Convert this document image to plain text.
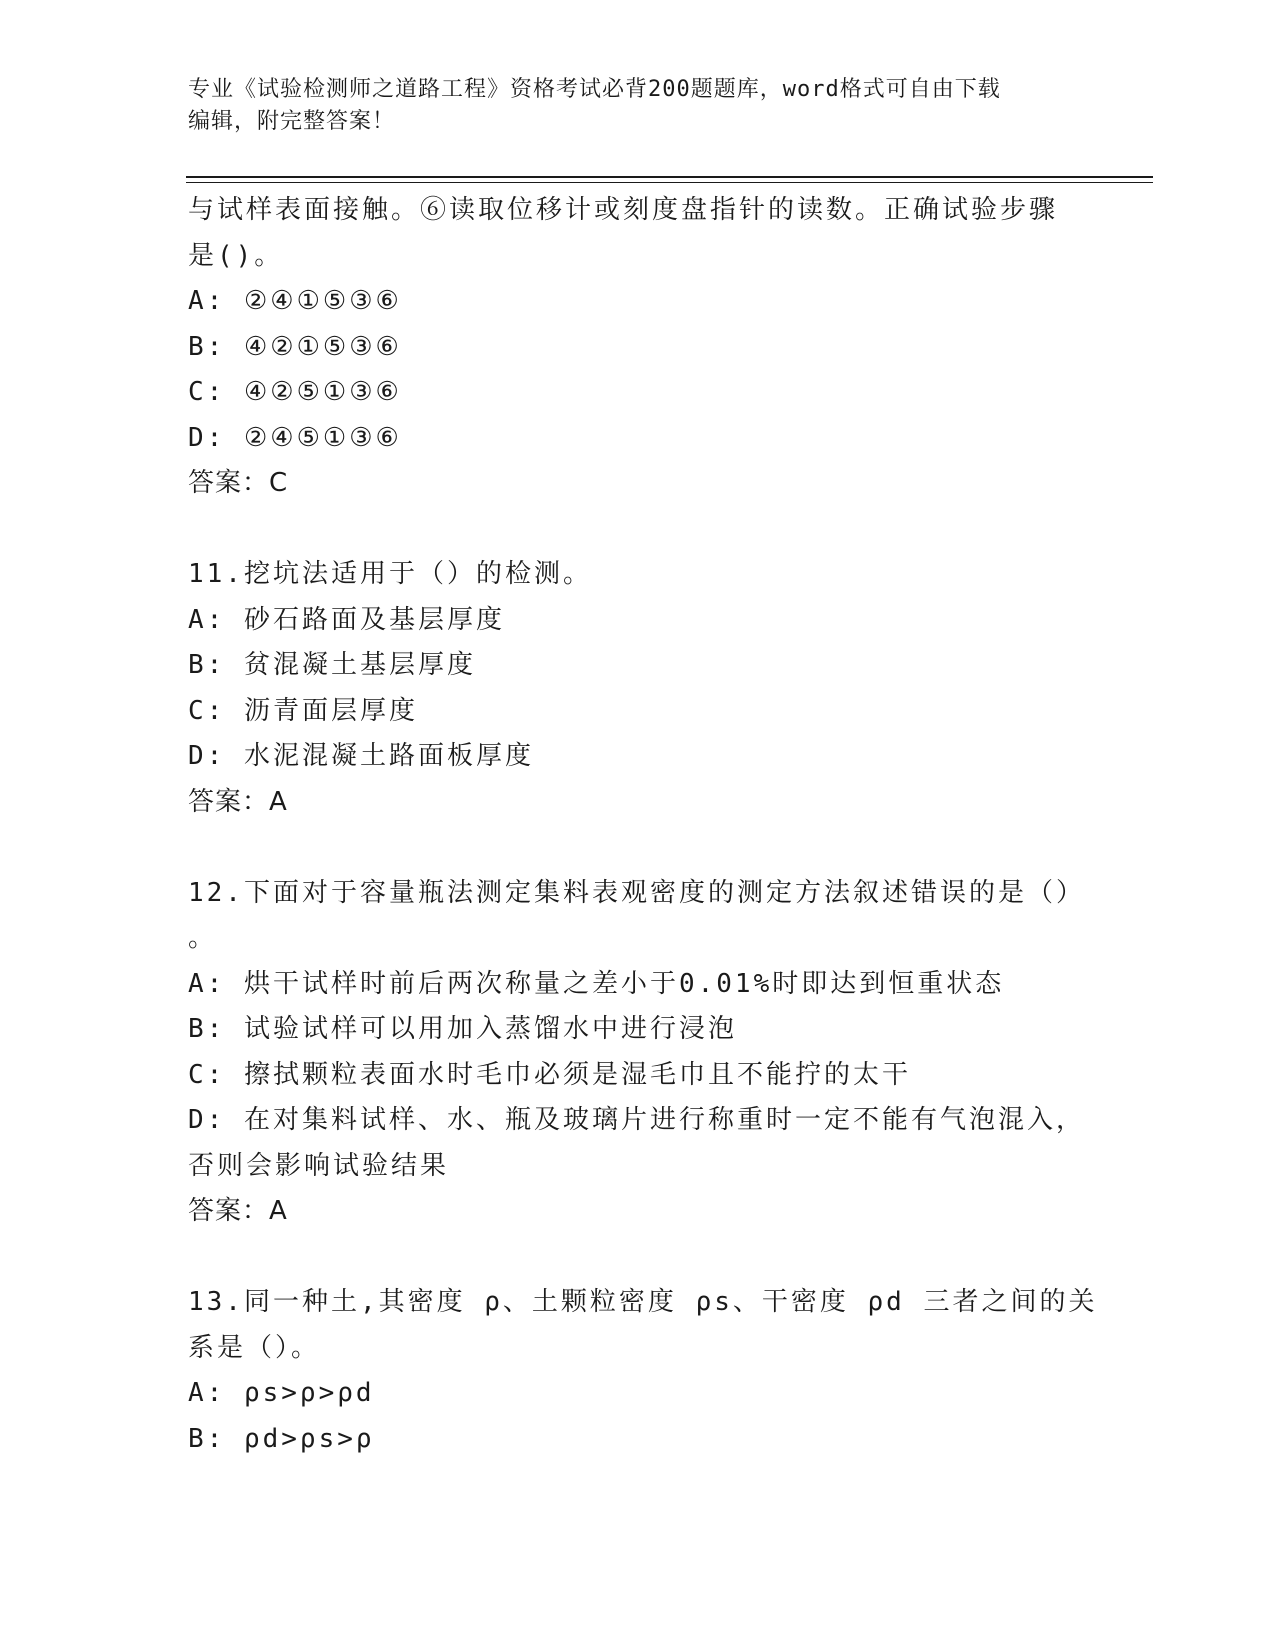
专业《试验检测师之道路工程》资格考试必背200题题库，word格式可自由下载
编辑，附完整答案！
与试样表面接触。⑥读取位移计或刻度盘指针的读数。正确试验步骤
是()。
A: ②④①⑤③⑥
B: ④②①⑤③⑥
C: ④②⑤①③⑥
D: ②④⑤①③⑥
答案：C
11.挖坑法适用于（）的检测。
A: 砂石路面及基层厚度
B: 贫混凝土基层厚度
C: 沥青面层厚度
D: 水泥混凝土路面板厚度
答案：A
12.下面对于容量瓶法测定集料表观密度的测定方法叙述错误的是（）
。
A: 烘干试样时前后两次称量之差小于0.01%时即达到恒重状态
B: 试验试样可以用加入蒸馏水中进行浸泡
C: 擦拭颗粒表面水时毛巾必须是湿毛巾且不能拧的太干
D: 在对集料试样、水、瓶及玻璃片进行称重时一定不能有气泡混入，
否则会影响试验结果
答案：A
13.同一种土,其密度 ρ、土颗粒密度 ρs、干密度 ρd 三者之间的关
系是（）。
A: ρs>ρ>ρd
B: ρd>ρs>ρ
